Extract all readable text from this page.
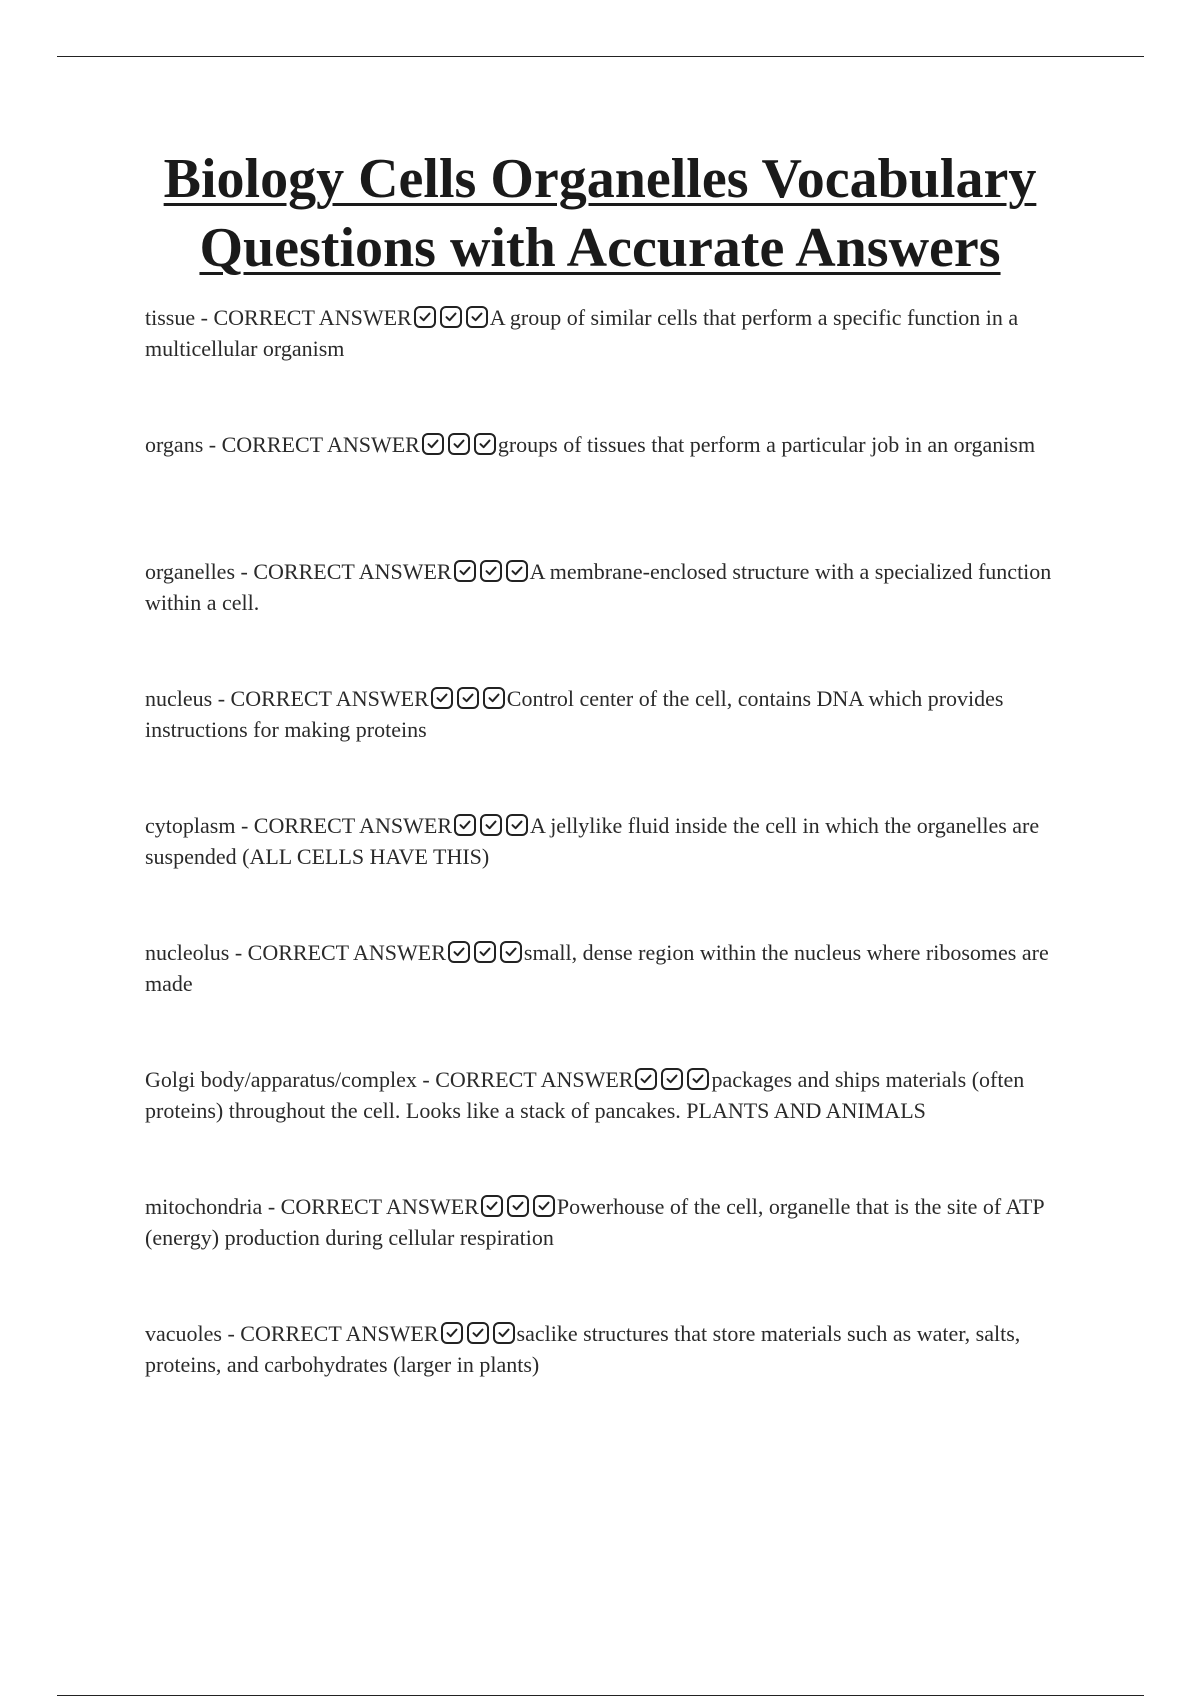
Biology Cells Organelles Vocabulary
Questions with Accurate Answers
tissue - CORRECT ANSWER	A group of similar cells that perform a specific function in a multicellular organism
organs - CORRECT ANSWER	groups of tissues that perform a particular job in an organism
organelles - CORRECT ANSWER	A membrane-enclosed structure with a specialized function within a cell.
nucleus - CORRECT ANSWER	Control center of the cell, contains DNA which provides instructions for making proteins
cytoplasm - CORRECT ANSWER	A jellylike fluid inside the cell in which the organelles are suspended (ALL CELLS HAVE THIS)
nucleolus - CORRECT ANSWER	small, dense region within the nucleus where ribosomes are made
Golgi body/apparatus/complex - CORRECT ANSWER	packages and ships materials (often proteins) throughout the cell. Looks like a stack of pancakes. PLANTS AND ANIMALS
mitochondria - CORRECT ANSWER	Powerhouse of the cell, organelle that is the site of ATP (energy) production during cellular respiration
vacuoles - CORRECT ANSWER	saclike structures that store materials such as water, salts, proteins, and carbohydrates (larger in plants)
